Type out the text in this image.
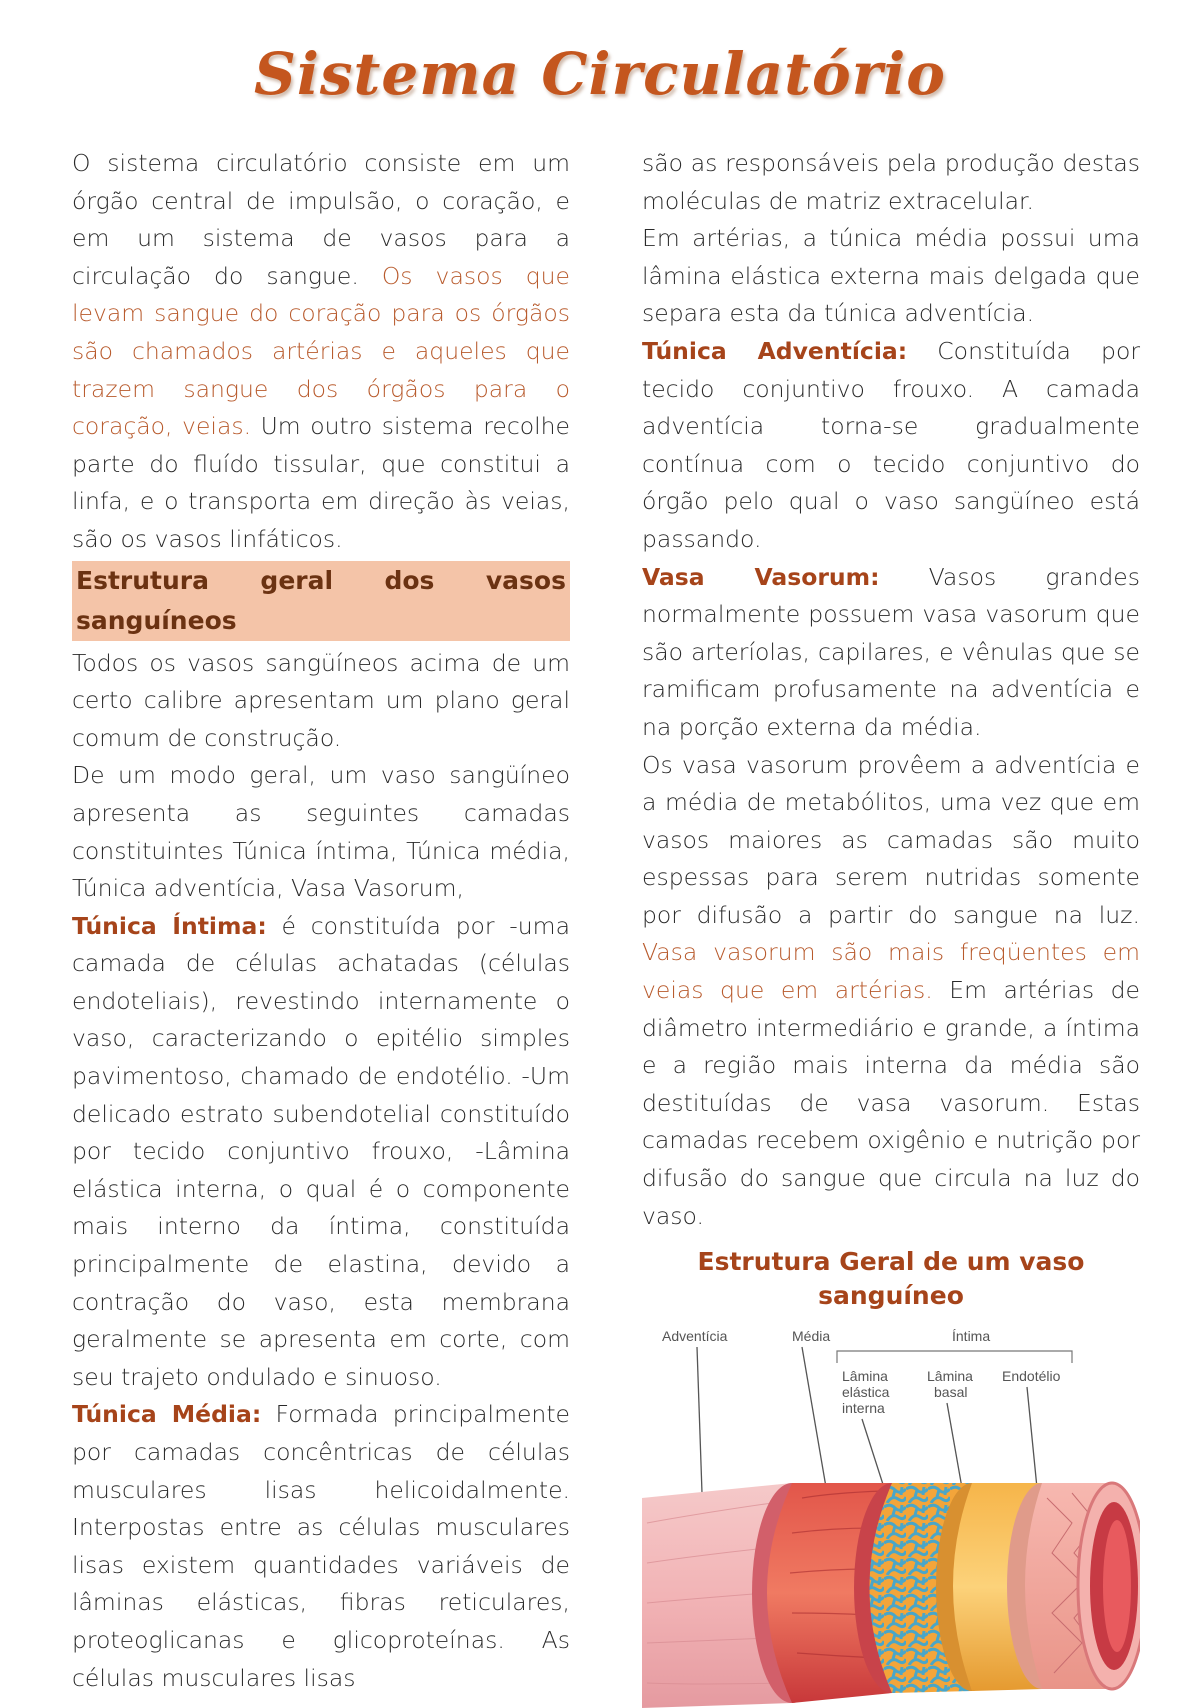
Sistema Circulatório

O sistema circulatório consiste em um órgão central de impulsão, o coração, e em um sistema de vasos para a circulação do sangue. Os vasos que levam sangue do coração para os órgãos são chamados artérias e aqueles que trazem sangue dos órgãos para o coração, veias. Um outro sistema recolhe parte do fluído tissular, que constitui a linfa, e o transporta em direção às veias, são os vasos linfáticos.

Estrutura geral dos vasos sanguíneos

Todos os vasos sangüíneos acima de um certo calibre apresentam um plano geral comum de construção.

De um modo geral, um vaso sangüíneo apresenta as seguintes camadas constituintes Túnica íntima, Túnica média, Túnica adventícia, Vasa Vasorum,

Túnica Íntima: é constituída por -uma camada de células achatadas (células endoteliais), revestindo internamente o vaso, caracterizando o epitélio simples pavimentoso, chamado de endotélio. -Um delicado estrato subendotelial constituído por tecido conjuntivo frouxo, -Lâmina elástica interna, o qual é o componente mais interno da íntima, constituída principalmente de elastina, devido a contração do vaso, esta membrana geralmente se apresenta em corte, com seu trajeto ondulado e sinuoso.

Túnica Média: Formada principalmente por camadas concêntricas de células musculares lisas helicoidalmente. Interpostas entre as células musculares lisas existem quantidades variáveis de lâminas elásticas, fibras reticulares, proteoglicanas e glicoproteínas. As células musculares lisas

são as responsáveis pela produção destas moléculas de matriz extracelular.

Em artérias, a túnica média possui uma lâmina elástica externa mais delgada que separa esta da túnica adventícia.

Túnica Adventícia: Constituída por tecido conjuntivo frouxo. A camada adventícia torna-se gradualmente contínua com o tecido conjuntivo do órgão pelo qual o vaso sangüíneo está passando.

Vasa Vasorum: Vasos grandes normalmente possuem vasa vasorum que são arteríolas, capilares, e vênulas que se ramificam profusamente na adventícia e na porção externa da média.

Os vasa vasorum provêem a adventícia e a média de metabólitos, uma vez que em vasos maiores as camadas são muito espessas para serem nutridas somente por difusão a partir do sangue na luz. Vasa vasorum são mais freqüentes em veias que em artérias. Em artérias de diâmetro intermediário e grande, a íntima e a região mais interna da média são destituídas de vasa vasorum. Estas camadas recebem oxigênio e nutrição por difusão do sangue que circula na luz do vaso.

Estrutura Geral de um vaso sanguíneo
Adventícia	Média	Íntima
Lâmina
elástica
interna
Lâmina
basal
Endotélio
